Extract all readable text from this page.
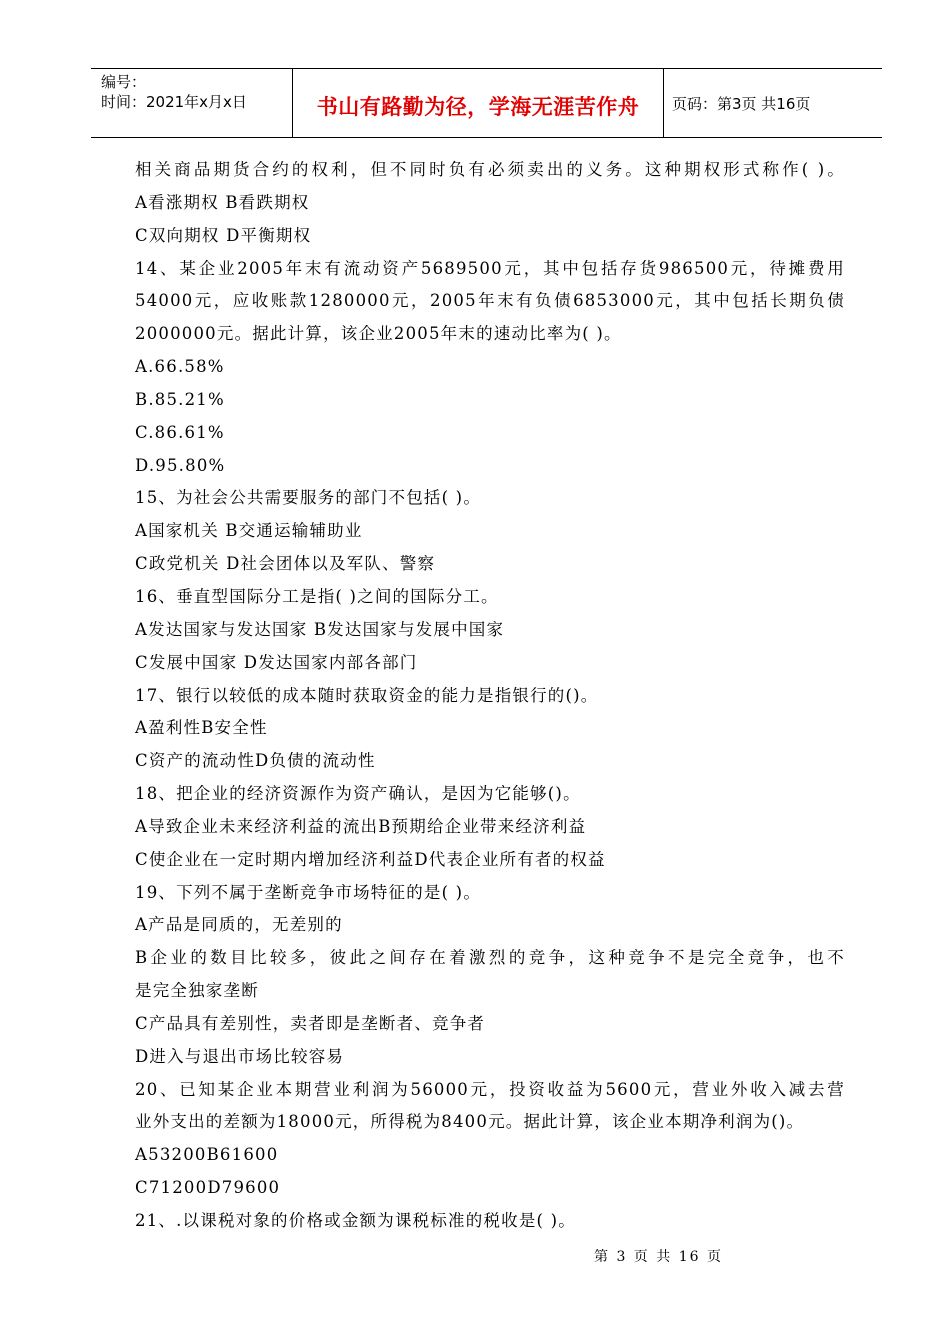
编号：
时间：2021年x月x日	书山有路勤为径，学海无涯苦作舟	页码：第3页 共16页
相关商品期货合约的权利，但不同时负有必须卖出的义务。这种期权形式称作( )。
A看涨期权 B看跌期权
C双向期权 D平衡期权
14、某企业2005年末有流动资产5689500元，其中包括存货986500元，待摊费用
54000元，应收账款1280000元，2005年末有负债6853000元，其中包括长期负债
2000000元。据此计算，该企业2005年末的速动比率为( )。
A.66.58%
B.85.21%
C.86.61%
D.95.80%
15、为社会公共需要服务的部门不包括( )。
A国家机关 B交通运输辅助业
C政党机关 D社会团体以及军队、警察
16、垂直型国际分工是指( )之间的国际分工。
A发达国家与发达国家 B发达国家与发展中国家
C发展中国家 D发达国家内部各部门
17、银行以较低的成本随时获取资金的能力是指银行的()。
A盈利性B安全性
C资产的流动性D负债的流动性
18、把企业的经济资源作为资产确认，是因为它能够()。
A导致企业未来经济利益的流出B预期给企业带来经济利益
C使企业在一定时期内增加经济利益D代表企业所有者的权益
19、下列不属于垄断竞争市场特征的是( )。
A产品是同质的，无差别的
B企业的数目比较多，彼此之间存在着激烈的竞争，这种竞争不是完全竞争，也不
是完全独家垄断
C产品具有差别性，卖者即是垄断者、竞争者
D进入与退出市场比较容易
20、已知某企业本期营业利润为56000元，投资收益为5600元，营业外收入减去营
业外支出的差额为18000元，所得税为8400元。据此计算，该企业本期净利润为()。
A53200B61600
C71200D79600
21、.以课税对象的价格或金额为课税标准的税收是( )。
第 3 页 共 16 页
